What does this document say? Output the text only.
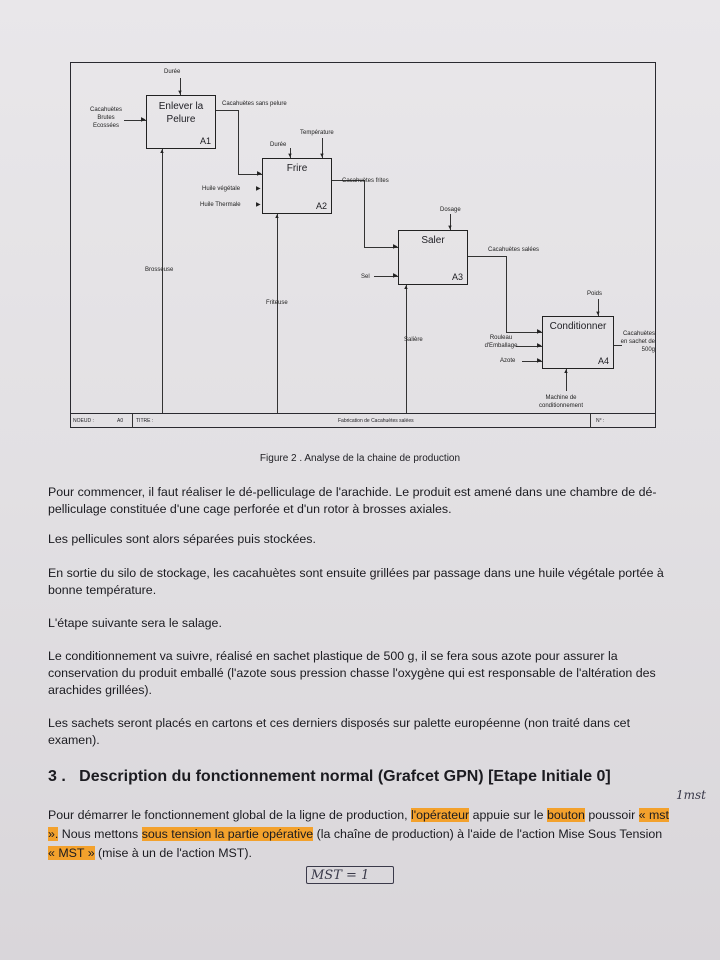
Enlever la Pelure
A1
Frire
A2
Saler
A3
Conditionner
A4
▼
▶
▶
▼	▼
▶
▶
▶
▼
▶
▶
▼
▶
▶
▲
▲
▲
▲
Durée
Cacahuètes Brutes Ecossées
Cacahuètes sans pelure
Température
Durée
Huile végétale
Huile Thermale
Cacahuètes frites
Dosage
Cacahuètes salées
Sel
Brosseuse
Friteuse
Salière
Poids
Rouleau d'Emballage
Azote
Machine de conditionnement
Cacahuètes en sachet de 500g
NOEUD :	A0	TITRE :	Fabrication de Cacahuètes salées	N° :
Figure 2 . Analyse de la chaine de production
Pour commencer, il faut réaliser le dé-pelliculage de l'arachide. Le produit est amené dans une chambre de dé-pelliculage constituée d'une cage perforée et d'un rotor à brosses axiales.
Les pellicules sont alors séparées puis stockées.
En sortie du silo de stockage, les cacahuètes sont ensuite grillées par passage dans une huile végétale portée à bonne température.
L'étape suivante sera le salage.
Le conditionnement va suivre, réalisé en sachet plastique de 500 g, il se fera sous azote pour assurer la conservation du produit emballé (l'azote sous pression chasse l'oxygène qui est responsable de l'altération des arachides grillées).
Les sachets seront placés en cartons et ces derniers disposés sur palette européenne (non traité dans cet examen).
3 . Description du fonctionnement normal (Grafcet GPN) [Etape Initiale 0]
Pour démarrer le fonctionnement global de la ligne de production, l'opérateur appuie sur le bouton poussoir « mst ». Nous mettons sous tension la partie opérative (la chaîne de production) à l'aide de l'action Mise Sous Tension « MST » (mise à un de l'action MST).
1mst
MST = 1
